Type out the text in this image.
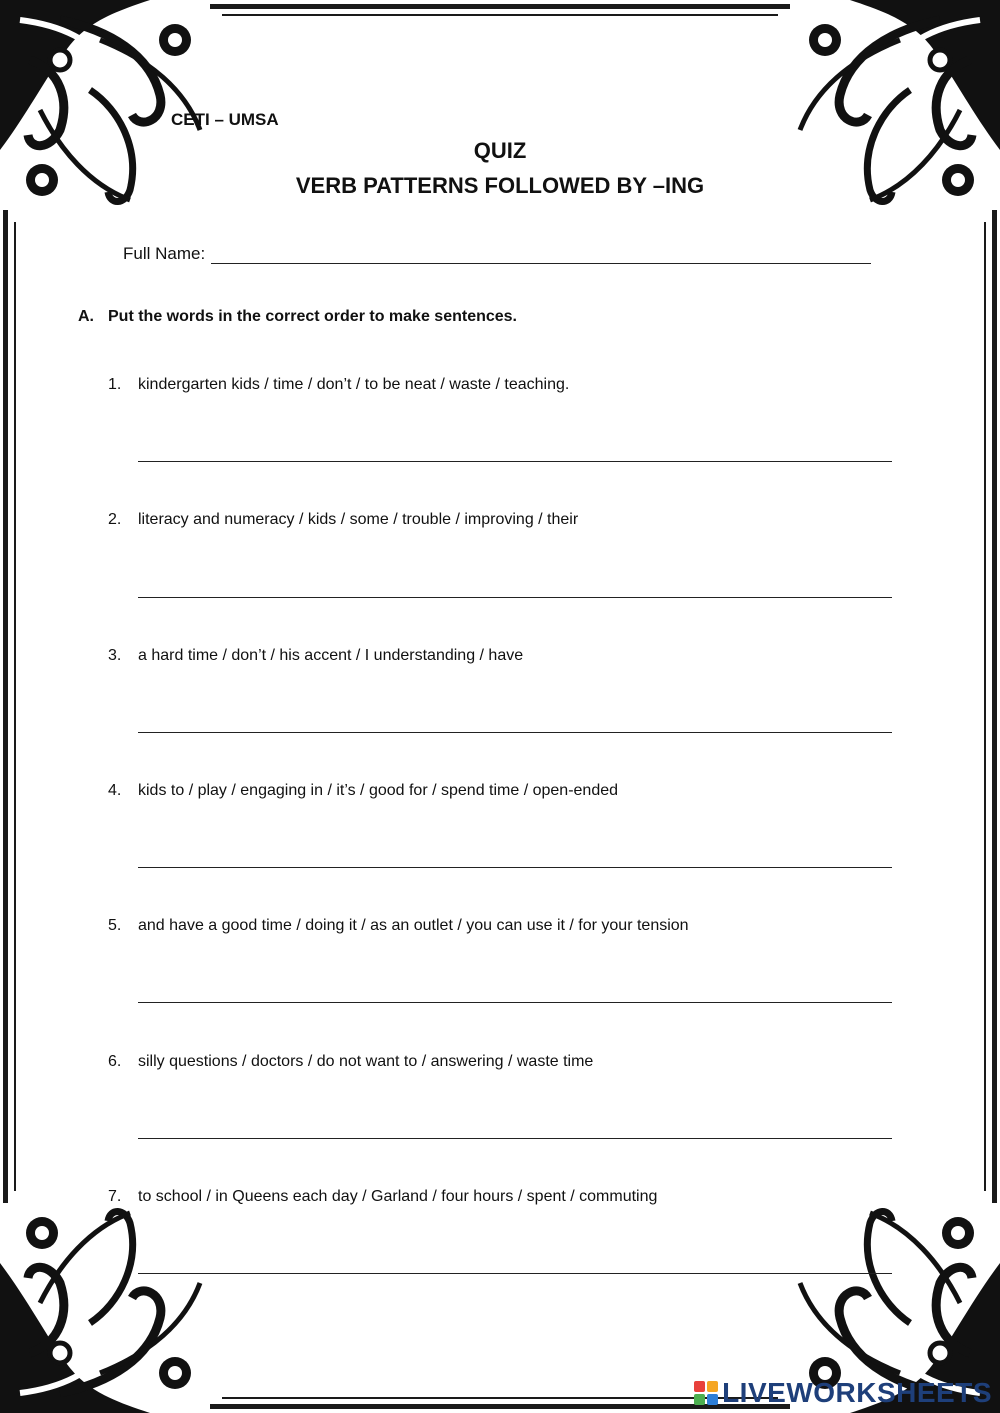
CETI – UMSA
QUIZ
VERB PATTERNS FOLLOWED BY –ING
Full Name:
A. Put the words in the correct order to make sentences.
1. kindergarten kids / time / don’t / to be neat / waste / teaching.
2. literacy and numeracy / kids / some / trouble / improving / their
3. a hard time / don’t / his accent / I understanding / have
4. kids to / play / engaging in / it’s / good for / spend time / open-ended
5. and have a good time / doing it / as an outlet / you can use it / for your tension
6. silly questions / doctors / do not want to / answering / waste time
7. to school / in Queens each day / Garland / four hours / spent / commuting
LIVEWORKSHEETS
